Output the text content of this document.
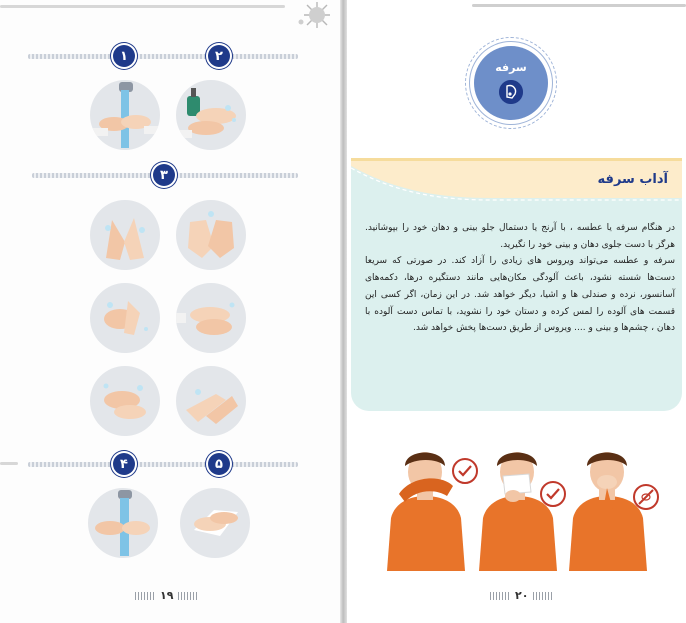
۱	۲
۳
۴	۵
۱۹
سرفه
آداب سرفه

در هنگام سرفه یا عطسه ، با آرنج یا دستمال جلو بینی و دهان خود را بپوشانید. هرگز با دست جلوی دهان و بینی خود را نگیرید.

سرفه و عطسه می‌تواند ویروس های زیادی را آزاد کند. در صورتی که سریعا دست‌ها شسته نشود، باعث آلودگی مکان‌هایی مانند دستگیره درها، دکمه‌های آسانسور، نرده و صندلی ها و اشیا، دیگر خواهد شد. در این زمان، اگر کسی این قسمت های آلوده را لمس کرده و دستان خود را نشوید، با تماس دست آلوده با دهان ، چشم‌ها و بینی و .... ویروس از طریق دست‌ها پخش خواهد شد.

۲۰
